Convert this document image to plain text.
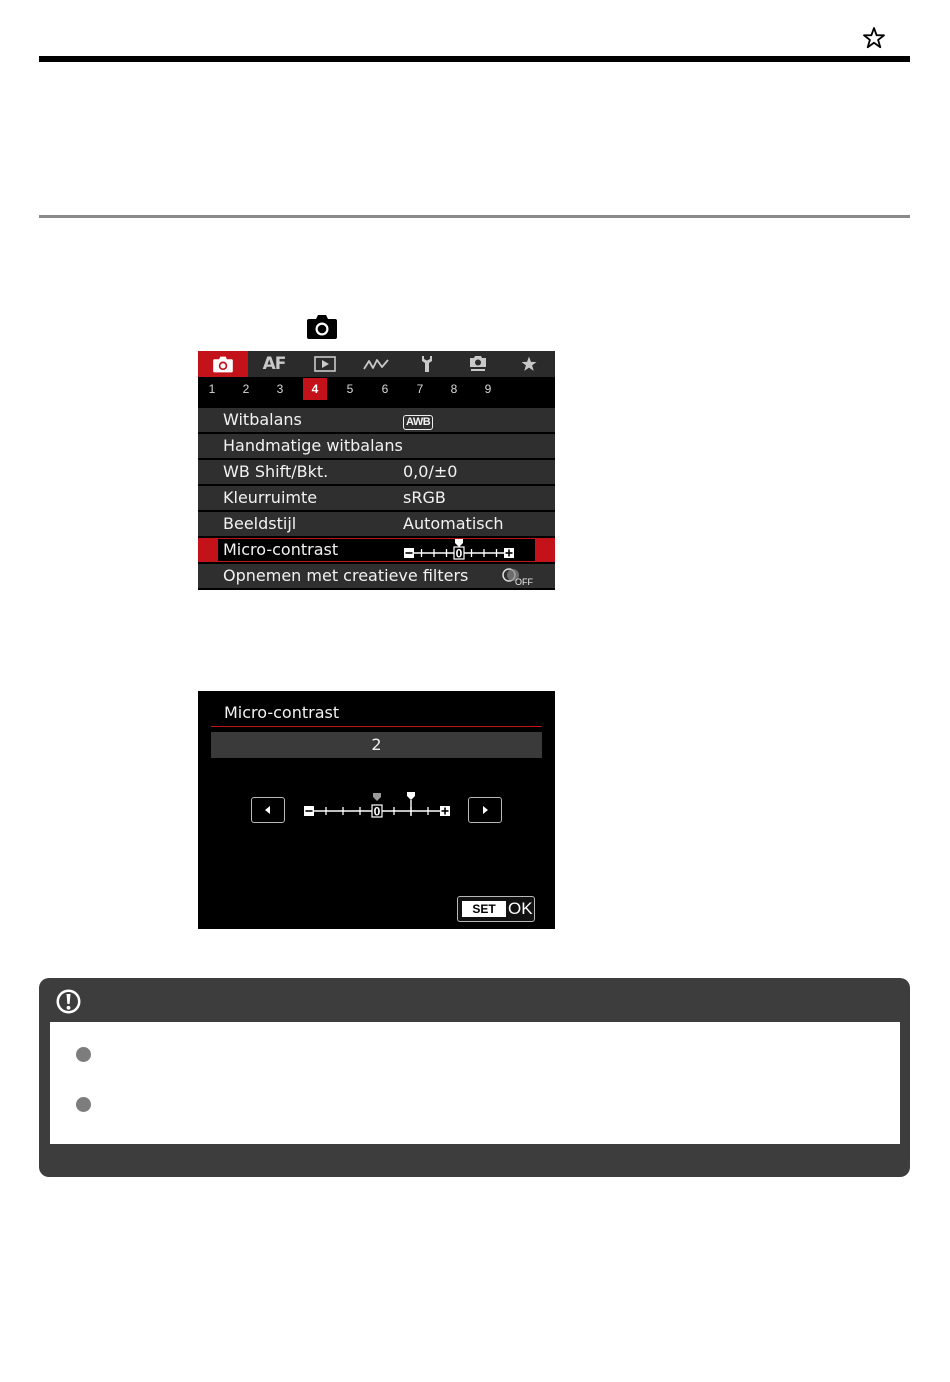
AF
1	2	3	4	5	6	7	8	9
Witbalans	AWB
Handmatige witbalans
WB Shift/Bkt.	0,0/±0
Kleurruimte	sRGB
Beeldstijl	Automatisch
Micro-contrast	0
Opnemen met creatieve filters	OFF
Micro-contrast
2
0
SET OK
